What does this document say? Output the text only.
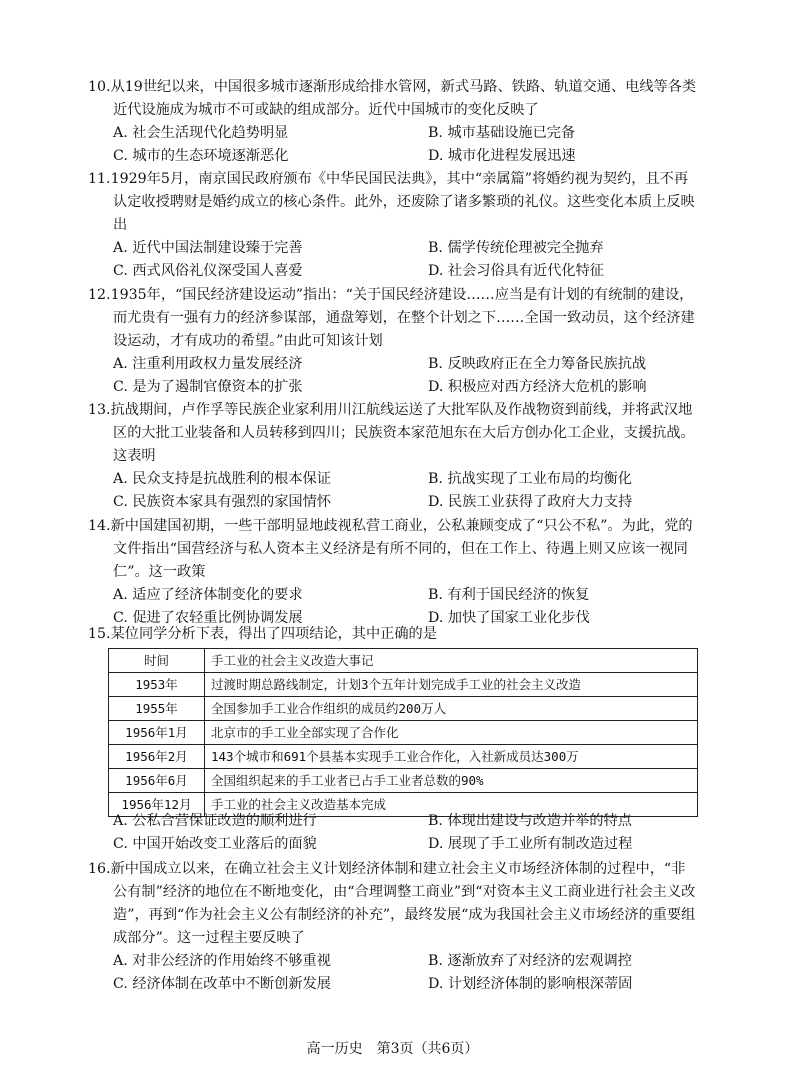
10.从19世纪以来，中国很多城市逐渐形成给排水管网，新式马路、铁路、轨道交通、电线等各类近代设施成为城市不可或缺的组成部分。近代中国城市的变化反映了

A. 社会生活现代化趋势明显	B. 城市基础设施已完备
C. 城市的生态环境逐渐恶化	D. 城市化进程发展迅速

11.1929年5月，南京国民政府颁布《中华民国民法典》，其中“亲属篇”将婚约视为契约，且不再认定收授聘财是婚约成立的核心条件。此外，还废除了诸多繁琐的礼仪。这些变化本质上反映出

A. 近代中国法制建设臻于完善	B. 儒学传统伦理被完全抛弃
C. 西式风俗礼仪深受国人喜爱	D. 社会习俗具有近代化特征

12.1935年，“国民经济建设运动”指出：“关于国民经济建设……应当是有计划的有统制的建设，而尤贵有一强有力的经济参谋部，通盘筹划，在整个计划之下……全国一致动员，这个经济建设运动，才有成功的希望。”由此可知该计划

A. 注重利用政权力量发展经济	B. 反映政府正在全力筹备民族抗战
C. 是为了遏制官僚资本的扩张	D. 积极应对西方经济大危机的影响

13.抗战期间，卢作孚等民族企业家利用川江航线运送了大批军队及作战物资到前线，并将武汉地区的大批工业装备和人员转移到四川；民族资本家范旭东在大后方创办化工企业，支援抗战。这表明

A. 民众支持是抗战胜利的根本保证	B. 抗战实现了工业布局的均衡化
C. 民族资本家具有强烈的家国情怀	D. 民族工业获得了政府大力支持

14.新中国建国初期，一些干部明显地歧视私营工商业，公私兼顾变成了“只公不私”。为此，党的文件指出“国营经济与私人资本主义经济是有所不同的，但在工作上、待遇上则又应该一视同仁”。这一政策

A. 适应了经济体制变化的要求	B. 有利于国民经济的恢复
C. 促进了农轻重比例协调发展	D. 加快了国家工业化步伐

15.某位同学分析下表，得出了四项结论，其中正确的是

时间	手工业的社会主义改造大事记
1953年	过渡时期总路线制定，计划3个五年计划完成手工业的社会主义改造
1955年	全国参加手工业合作组织的成员约200万人
1956年1月	北京市的手工业全部实现了合作化
1956年2月	143个城市和691个县基本实现手工业合作化，入社新成员达300万
1956年6月	全国组织起来的手工业者已占手工业者总数的90%
1956年12月	手工业的社会主义改造基本完成
A. 公私合营保证改造的顺利进行	B. 体现出建设与改造并举的特点
C. 中国开始改变工业落后的面貌	D. 展现了手工业所有制改造过程

16.新中国成立以来，在确立社会主义计划经济体制和建立社会主义市场经济体制的过程中，“非公有制”经济的地位在不断地变化，由“合理调整工商业”到“对资本主义工商业进行社会主义改造”，再到“作为社会主义公有制经济的补充”，最终发展“成为我国社会主义市场经济的重要组成部分”。这一过程主要反映了

A. 对非公经济的作用始终不够重视	B. 逐渐放弃了对经济的宏观调控
C. 经济体制在改革中不断创新发展	D. 计划经济体制的影响根深蒂固
高一历史　第3页（共6页）
